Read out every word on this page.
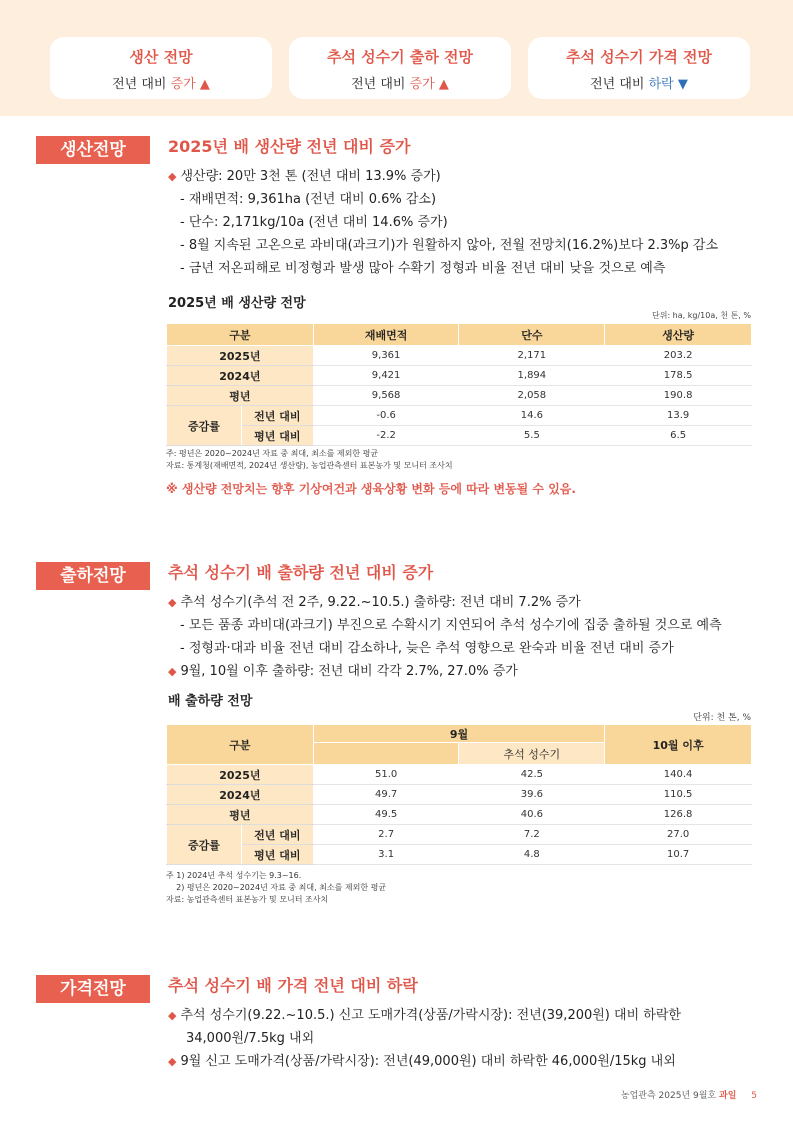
생산 전망
전년 대비 증가 ▲
추석 성수기 출하 전망
전년 대비 증가 ▲
추석 성수기 가격 전망
전년 대비 하락 ▼
생산전망	2025년 배 생산량 전년 대비 증가
◆ 생산량: 20만 3천 톤 (전년 대비 13.9% 증가)
- 재배면적: 9,361ha (전년 대비 0.6% 감소)
- 단수: 2,171kg/10a (전년 대비 14.6% 증가)
- 8월 지속된 고온으로 과비대(과크기)가 원활하지 않아, 전월 전망치(16.2%)보다 2.3%p 감소
- 금년 저온피해로 비정형과 발생 많아 수확기 정형과 비율 전년 대비 낮을 것으로 예측
2025년 배 생산량 전망
단위: ha, kg/10a, 천 톤, %
구분		재배면적	단수	생산량
2025년		9,361	2,171	203.2
2024년		9,421	1,894	178.5
평년		9,568	2,058	190.8
증감률	전년 대비	-0.6	14.6	13.9
	평년 대비	-2.2	5.5	6.5
주: 평년은 2020~2024년 자료 중 최대, 최소를 제외한 평균
자료: 통계청(재배면적, 2024년 생산량), 농업관측센터 표본농가 및 모니터 조사치
※ 생산량 전망치는 향후 기상여건과 생육상황 변화 등에 따라 변동될 수 있음.
출하전망	추석 성수기 배 출하량 전년 대비 증가
◆ 추석 성수기(추석 전 2주, 9.22.~10.5.) 출하량: 전년 대비 7.2% 증가
- 모든 품종 과비대(과크기) 부진으로 수확시기 지연되어 추석 성수기에 집중 출하될 것으로 예측
- 정형과·대과 비율 전년 대비 감소하나, 늦은 추석 영향으로 완숙과 비율 전년 대비 증가
◆ 9월, 10월 이후 출하량: 전년 대비 각각 2.7%, 27.0% 증가
배 출하량 전망
단위: 천 톤, %
구분		9월		10월 이후
			추석 성수기	
2025년		51.0	42.5	140.4
2024년		49.7	39.6	110.5
평년		49.5	40.6	126.8
증감률	전년 대비	2.7	7.2	27.0
	평년 대비	3.1	4.8	10.7
주 1) 2024년 추석 성수기는 9.3~16.
2) 평년은 2020~2024년 자료 중 최대, 최소를 제외한 평균
자료: 농업관측센터 표본농가 및 모니터 조사치
가격전망	추석 성수기 배 가격 전년 대비 하락
◆ 추석 성수기(9.22.~10.5.) 신고 도매가격(상품/가락시장): 전년(39,200원) 대비 하락한
34,000원/7.5kg 내외
◆ 9월 신고 도매가격(상품/가락시장): 전년(49,000원) 대비 하락한 46,000원/15kg 내외
농업관측 2025년 9월호 과일 5
